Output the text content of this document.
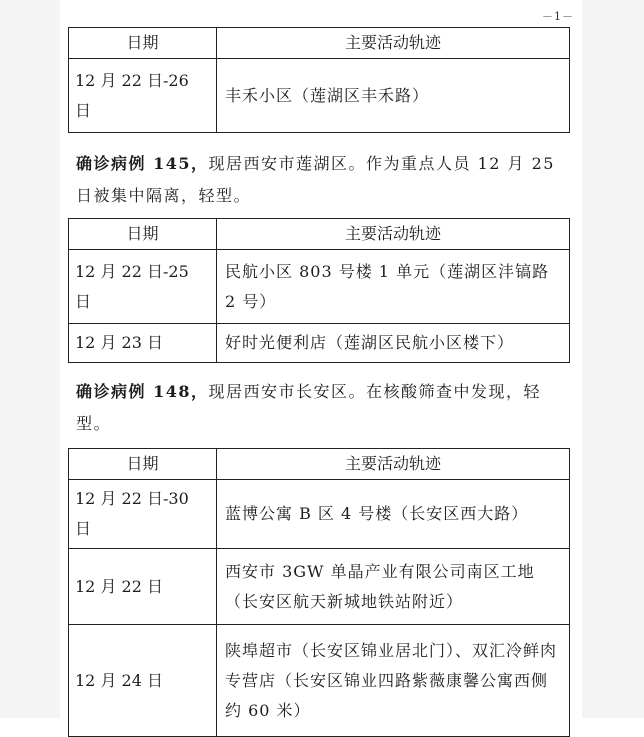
－1－
日期	主要活动轨迹
12 月 22 日-26 日	丰禾小区（莲湖区丰禾路）
确诊病例 145，现居西安市莲湖区。作为重点人员 12 月 25 日被集中隔离，轻型。
日期	主要活动轨迹
12 月 22 日-25 日	民航小区 803 号楼 1 单元（莲湖区沣镐路 2 号）
12 月 23 日	好时光便利店（莲湖区民航小区楼下）
确诊病例 148，现居西安市长安区。在核酸筛查中发现，轻型。
日期	主要活动轨迹
12 月 22 日-30 日	蓝博公寓 B 区 4 号楼（长安区西大路）
12 月 22 日	西安市 3GW 单晶产业有限公司南区工地（长安区航天新城地铁站附近）
12 月 24 日	陕埠超市（长安区锦业居北门）、双汇冷鲜肉专营店（长安区锦业四路紫薇康馨公寓西侧约 60 米）
